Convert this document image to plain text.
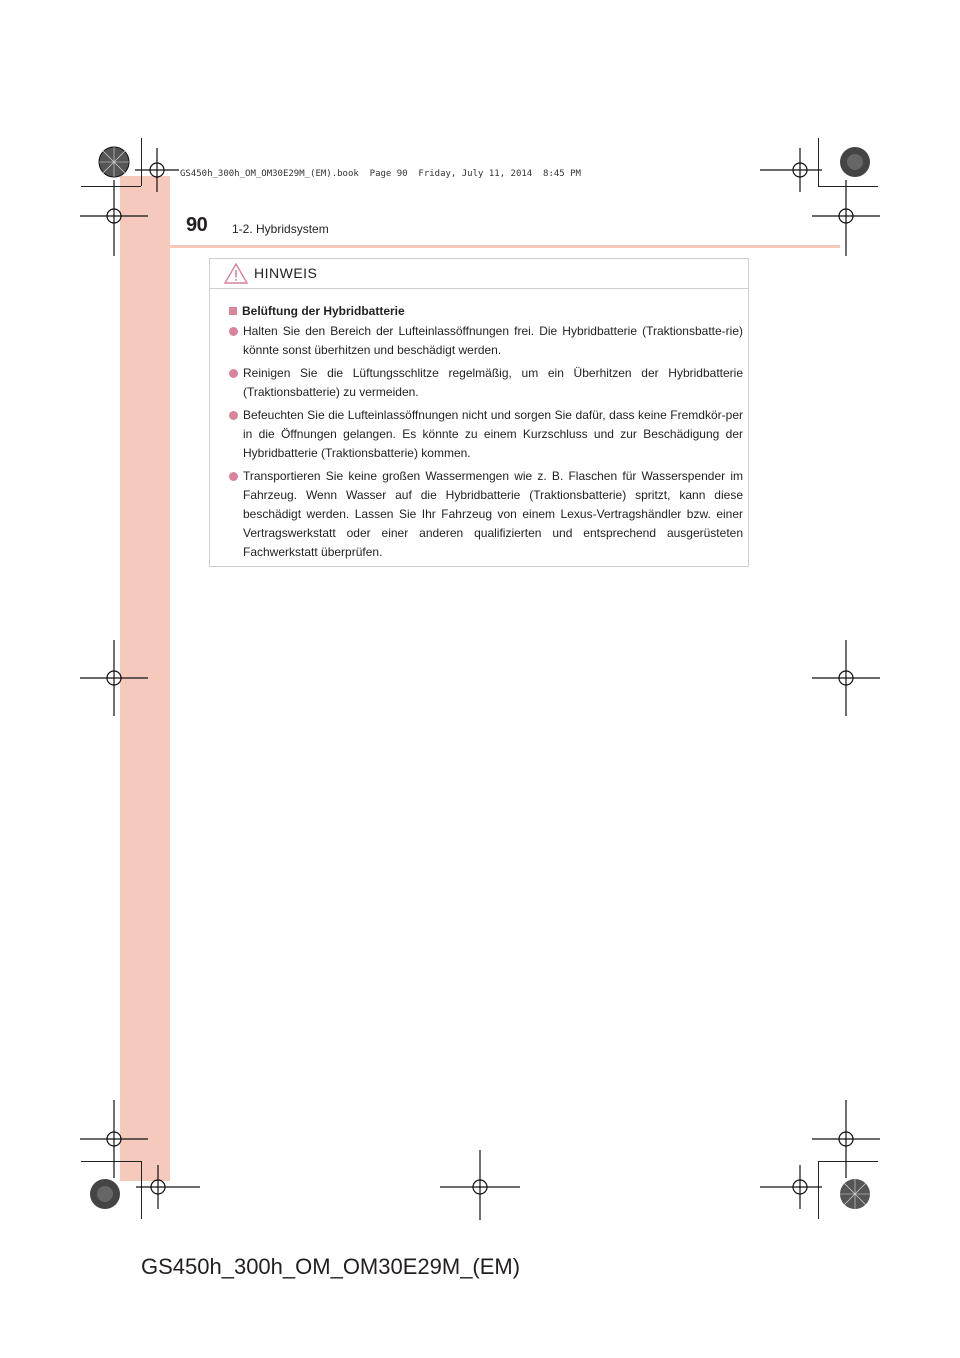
GS450h_300h_OM_OM30E29M_(EM).book  Page 90  Friday, July 11, 2014  8:45 PM
90 1-2. Hybridsystem
HINWEIS
Belüftung der Hybridbatterie
Halten Sie den Bereich der Lufteinlassöffnungen frei. Die Hybridbatterie (Traktionsbatte-rie) könnte sonst überhitzen und beschädigt werden.
Reinigen Sie die Lüftungsschlitze regelmäßig, um ein Überhitzen der Hybridbatterie (Traktionsbatterie) zu vermeiden.
Befeuchten Sie die Lufteinlassöffnungen nicht und sorgen Sie dafür, dass keine Fremdkör-per in die Öffnungen gelangen. Es könnte zu einem Kurzschluss und zur Beschädigung der Hybridbatterie (Traktionsbatterie) kommen.
Transportieren Sie keine großen Wassermengen wie z. B. Flaschen für Wasserspender im Fahrzeug. Wenn Wasser auf die Hybridbatterie (Traktionsbatterie) spritzt, kann diese beschädigt werden. Lassen Sie Ihr Fahrzeug von einem Lexus-Vertragshändler bzw. einer Vertragswerkstatt oder einer anderen qualifizierten und entsprechend ausgerüsteten Fachwerkstatt überprüfen.
GS450h_300h_OM_OM30E29M_(EM)
